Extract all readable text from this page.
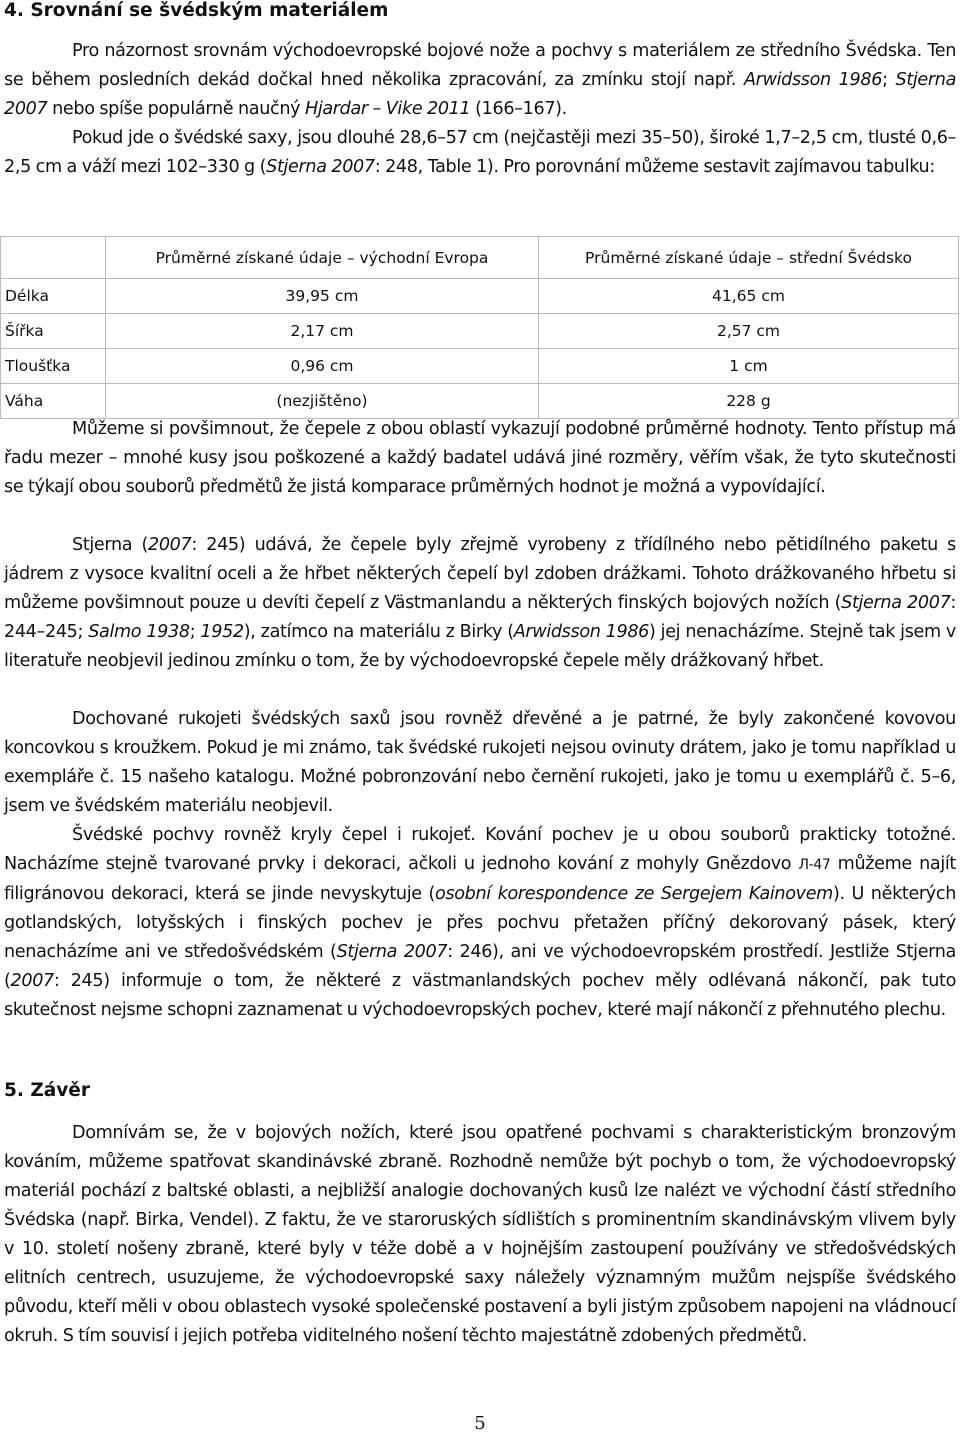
4. Srovnání se švédským materiálem

Pro názornost srovnám východoevropské bojové nože a pochvy s materiálem ze středního Švédska. Ten se během posledních dekád dočkal hned několika zpracování, za zmínku stojí např. Arwidsson 1986; Stjerna 2007 nebo spíše populárně naučný Hjardar – Vike 2011 (166–167).

Pokud jde o švédské saxy, jsou dlouhé 28,6–57 cm (nejčastěji mezi 35–50), široké 1,7–2,5 cm, tlusté 0,6–2,5 cm a váží mezi 102–330 g (Stjerna 2007: 248, Table 1). Pro porovnání můžeme sestavit zajímavou tabulku:

	Průměrné získané údaje – východní Evropa	Průměrné získané údaje – střední Švédsko
Délka	39,95 cm	41,65 cm
Šířka	2,17 cm	2,57 cm
Tloušťka	0,96 cm	1 cm
Váha	(nezjištěno)	228 g

Můžeme si povšimnout, že čepele z obou oblastí vykazují podobné průměrné hodnoty. Tento přístup má řadu mezer – mnohé kusy jsou poškozené a každý badatel udává jiné rozměry, věřím však, že tyto skutečnosti se týkají obou souborů předmětů že jistá komparace průměrných hodnot je možná a vypovídající.

Stjerna (2007: 245) udává, že čepele byly zřejmě vyrobeny z třídílného nebo pětidílného paketu s jádrem z vysoce kvalitní oceli a že hřbet některých čepelí byl zdoben drážkami. Tohoto drážkovaného hřbetu si můžeme povšimnout pouze u devíti čepelí z Västmanlandu a některých finských bojových nožích (Stjerna 2007: 244–245; Salmo 1938; 1952), zatímco na materiálu z Birky (Arwidsson 1986) jej nenacházíme. Stejně tak jsem v literatuře neobjevil jedinou zmínku o tom, že by východoevropské čepele měly drážkovaný hřbet.

Dochované rukojeti švédských saxů jsou rovněž dřevěné a je patrné, že byly zakončené kovovou koncovkou s kroužkem. Pokud je mi známo, tak švédské rukojeti nejsou ovinuty drátem, jako je tomu například u exempláře č. 15 našeho katalogu. Možné pobronzování nebo černění rukojeti, jako je tomu u exemplářů č. 5–6, jsem ve švédském materiálu neobjevil.

Švédské pochvy rovněž kryly čepel i rukojeť. Kování pochev je u obou souborů prakticky totožné. Nacházíme stejně tvarované prvky i dekoraci, ačkoli u jednoho kování z mohyly Gnězdovo Л-47 můžeme najít filigránovou dekoraci, která se jinde nevyskytuje (osobní korespondence ze Sergejem Kainovem). U některých gotlandských, lotyšských i finských pochev je přes pochvu přetažen příčný dekorovaný pásek, který nenacházíme ani ve středošvédském (Stjerna 2007: 246), ani ve východoevropském prostředí. Jestliže Stjerna (2007: 245) informuje o tom, že některé z västmanlandských pochev měly odlévaná nákončí, pak tuto skutečnost nejsme schopni zaznamenat u východoevropských pochev, které mají nákončí z přehnutého plechu.

5. Závěr

Domnívám se, že v bojových nožích, které jsou opatřené pochvami s charakteristickým bronzovým kováním, můžeme spatřovat skandinávské zbraně. Rozhodně nemůže být pochyb o tom, že východoevropský materiál pochází z baltské oblasti, a nejbližší analogie dochovaných kusů lze nalézt ve východní částí středního Švédska (např. Birka, Vendel). Z faktu, že ve staroruských sídlištích s prominentním skandinávským vlivem byly v 10. století nošeny zbraně, které byly v téže době a v hojnějším zastoupení používány ve středošvédských elitních centrech, usuzujeme, že východoevropské saxy náležely významným mužům nejspíše švédského původu, kteří měli v obou oblastech vysoké společenské postavení a byli jistým způsobem napojeni na vládnoucí okruh. S tím souvisí i jejich potřeba viditelného nošení těchto majestátně zdobených předmětů.

5
